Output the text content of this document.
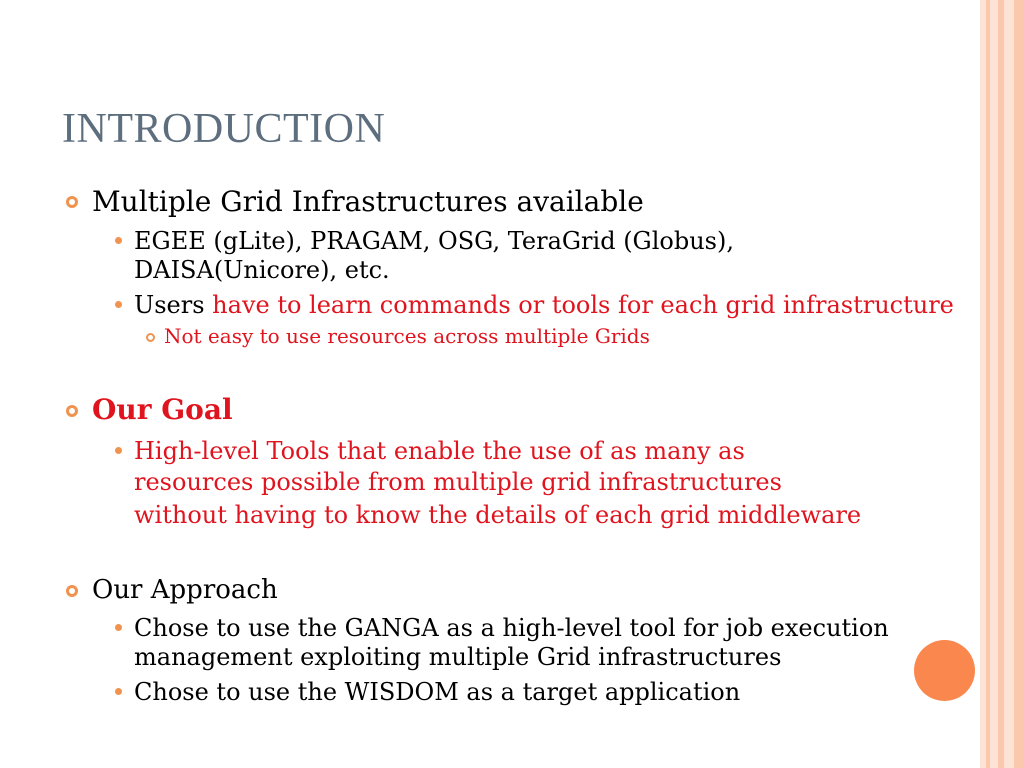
INTRODUCTION
Multiple Grid Infrastructures available
EGEE (gLite), PRAGAM, OSG, TeraGrid (Globus),
DAISA(Unicore), etc.
Users have to learn commands or tools for each grid infrastructure
Not easy to use resources across multiple Grids
Our Goal
High-level Tools that enable the use of as many as
resources possible from multiple grid infrastructures
without having to know the details of each grid middleware
Our Approach
Chose to use the GANGA as a high-level tool for job execution
management exploiting multiple Grid infrastructures
Chose to use the WISDOM as a target application
